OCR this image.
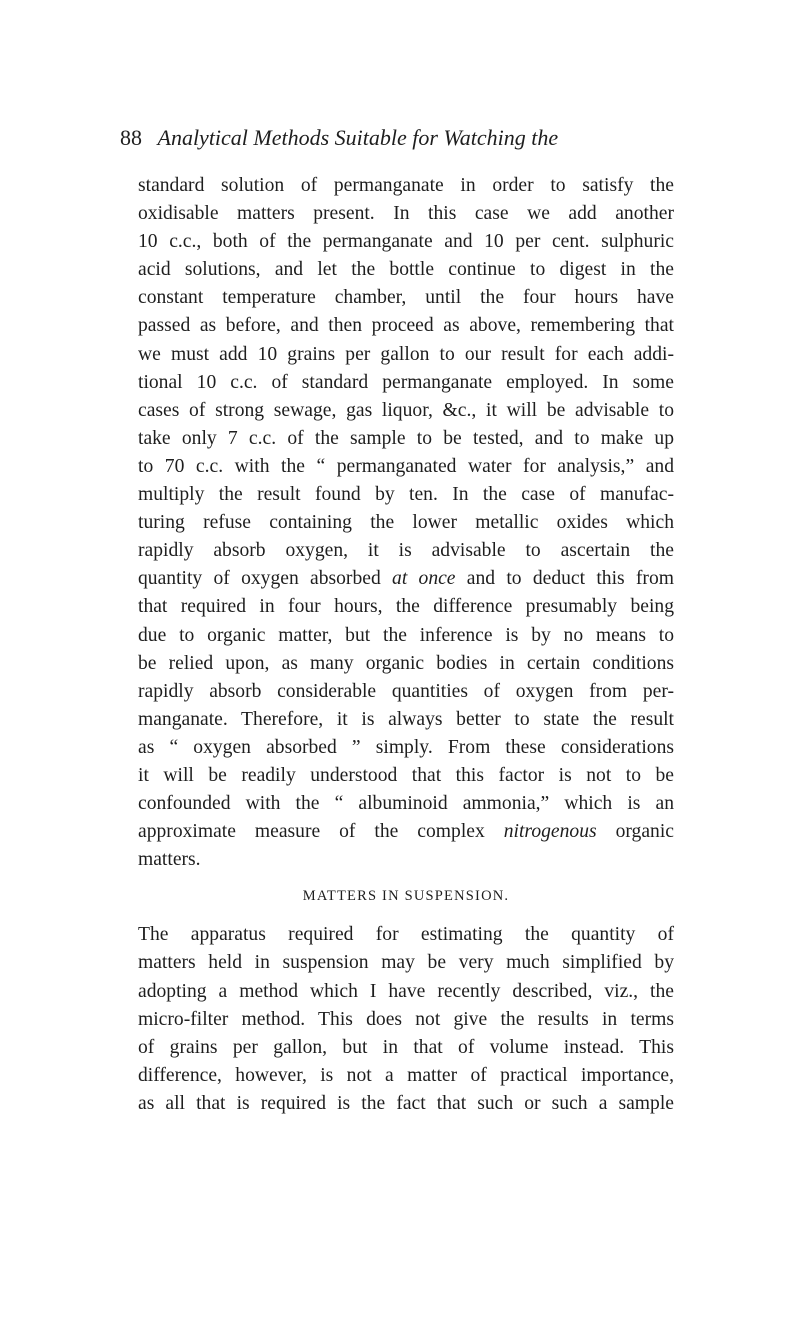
88 Analytical Methods Suitable for Watching the
standard solution of permanganate in order to satisfy the
oxidisable matters present. In this case we add another
10 c.c., both of the permanganate and 10 per cent. sulphuric
acid solutions, and let the bottle continue to digest in the
constant temperature chamber, until the four hours have
passed as before, and then proceed as above, remembering that
we must add 10 grains per gallon to our result for each addi-
tional 10 c.c. of standard permanganate employed. In some
cases of strong sewage, gas liquor, &c., it will be advisable to
take only 7 c.c. of the sample to be tested, and to make up
to 70 c.c. with the “ permanganated water for analysis,” and
multiply the result found by ten. In the case of manufac-
turing refuse containing the lower metallic oxides which
rapidly absorb oxygen, it is advisable to ascertain the
quantity of oxygen absorbed at once and to deduct this from
that required in four hours, the difference presumably being
due to organic matter, but the inference is by no means to
be relied upon, as many organic bodies in certain conditions
rapidly absorb considerable quantities of oxygen from per-
manganate. Therefore, it is always better to state the result
as “ oxygen absorbed ” simply. From these considerations
it will be readily understood that this factor is not to be
confounded with the “ albuminoid ammonia,” which is an
approximate measure of the complex nitrogenous organic
matters.
MATTERS IN SUSPENSION.
The apparatus required for estimating the quantity of
matters held in suspension may be very much simplified by
adopting a method which I have recently described, viz., the
micro-filter method. This does not give the results in terms
of grains per gallon, but in that of volume instead. This
difference, however, is not a matter of practical importance,
as all that is required is the fact that such or such a sample
